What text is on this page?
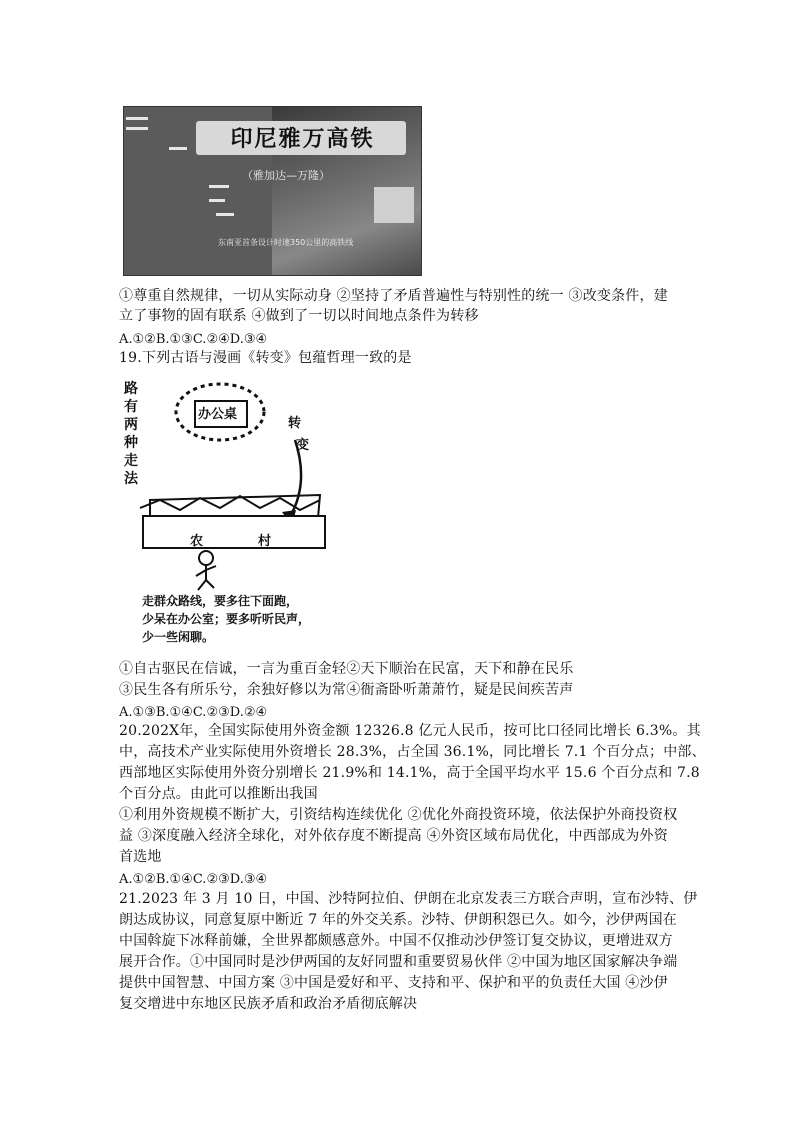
印尼雅万高铁
（雅加达—万隆）
东南亚首条设计时速350公里的高铁线
①尊重自然规律，一切从实际动身 ②坚持了矛盾普遍性与特别性的统一 ③改变条件，建
立了事物的固有联系 ④做到了一切以时间地点条件为转移
A.①②B.①③C.②④D.③④
19.下列古语与漫画《转变》包蕴哲理一致的是
路有两种走法
办公桌
转
变
农	村
走群众路线，要多往下面跑，
少呆在办公室；要多听听民声，
少一些闲聊。
①自古驱民在信诚，一言为重百金轻②天下顺治在民富，天下和静在民乐
③民生各有所乐兮，余独好修以为常④衙斋卧听萧萧竹，疑是民间疾苦声
A.①③B.①④C.②③D.②④
20.202X年，全国实际使用外资金额 12326.8 亿元人民币，按可比口径同比增长 6.3%。其
中，高技术产业实际使用外资增长 28.3%，占全国 36.1%，同比增长 7.1 个百分点；中部、
西部地区实际使用外资分别增长 21.9%和 14.1%，高于全国平均水平 15.6 个百分点和 7.8
个百分点。由此可以推断出我国
①利用外资规模不断扩大，引资结构连续优化 ②优化外商投资环境，依法保护外商投资权
益 ③深度融入经济全球化，对外依存度不断提高 ④外资区域布局优化，中西部成为外资
首选地
A.①②B.①④C.②③D.③④
21.2023 年 3 月 10 日，中国、沙特阿拉伯、伊朗在北京发表三方联合声明，宣布沙特、伊
朗达成协议，同意复原中断近 7 年的外交关系。沙特、伊朗积怨已久。如今，沙伊两国在
中国斡旋下冰释前嫌，全世界都颇感意外。中国不仅推动沙伊签订复交协议，更增进双方
展开合作。①中国同时是沙伊两国的友好同盟和重要贸易伙伴 ②中国为地区国家解决争端
提供中国智慧、中国方案 ③中国是爱好和平、支持和平、保护和平的负责任大国 ④沙伊
复交增进中东地区民族矛盾和政治矛盾彻底解决
